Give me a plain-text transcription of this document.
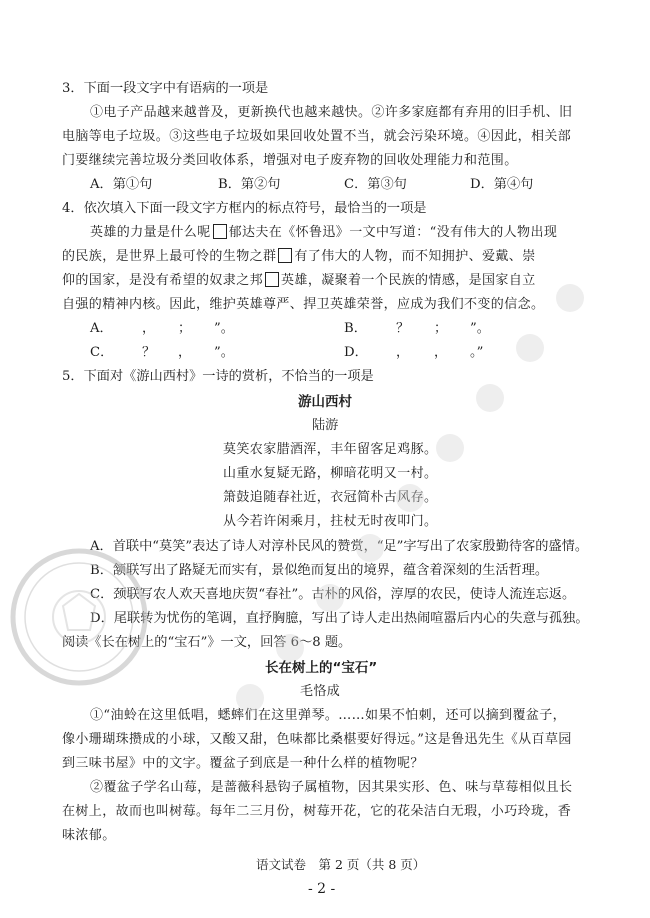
3．下面一段文字中有语病的一项是
①电子产品越来越普及，更新换代也越来越快。②许多家庭都有弃用的旧手机、旧
电脑等电子垃圾。③这些电子垃圾如果回收处置不当，就会污染环境。④因此，相关部
门要继续完善垃圾分类回收体系，增强对电子废弃物的回收处理能力和范围。
A．第①句	B．第②句	C．第③句	D．第④句
4．依次填入下面一段文字方框内的标点符号，最恰当的一项是
英雄的力量是什么呢 郁达夫在《怀鲁迅》一文中写道：“没有伟大的人物出现
的民族，是世界上最可怜的生物之群 有了伟大的人物，而不知拥护、爱戴、崇
仰的国家，是没有希望的奴隶之邦 英雄，凝聚着一个民族的情感，是国家自立
自强的精神内核。因此，维护英雄尊严、捍卫英雄荣誉，应成为我们不变的信念。
A． ， ； ”。	B． ？ ； ”。
C． ？ ， ”。	D． ， ， 。”
5．下面对《游山西村》一诗的赏析，不恰当的一项是
游山西村
陆游
莫笑农家腊酒浑，丰年留客足鸡豚。
山重水复疑无路，柳暗花明又一村。
箫鼓追随春社近，衣冠简朴古风存。
从今若许闲乘月，拄杖无时夜叩门。
A．首联中“莫笑”表达了诗人对淳朴民风的赞赏，“足”字写出了农家殷勤待客的盛情。
B．颔联写出了路疑无而实有，景似绝而复出的境界，蕴含着深刻的生活哲理。
C．颈联写农人欢天喜地庆贺“春社”。古朴的风俗，淳厚的农民，使诗人流连忘返。
D．尾联转为忧伤的笔调，直抒胸臆，写出了诗人走出热闹喧嚣后内心的失意与孤独。
阅读《长在树上的“宝石”》一文，回答 6～8 题。
长在树上的“宝石”
毛恪成
①“油蛉在这里低唱，蟋蟀们在这里弹琴。……如果不怕刺，还可以摘到覆盆子，
像小珊瑚珠攒成的小球，又酸又甜，色味都比桑椹要好得远。”这是鲁迅先生《从百草园
到三味书屋》中的文字。覆盆子到底是一种什么样的植物呢？
②覆盆子学名山莓，是蔷薇科悬钩子属植物，因其果实形、色、味与草莓相似且长
在树上，故而也叫树莓。每年二三月份，树莓开花，它的花朵洁白无瑕，小巧玲珑，香
味浓郁。
语文试卷　第 2 页（共 8 页）
- 2 -
